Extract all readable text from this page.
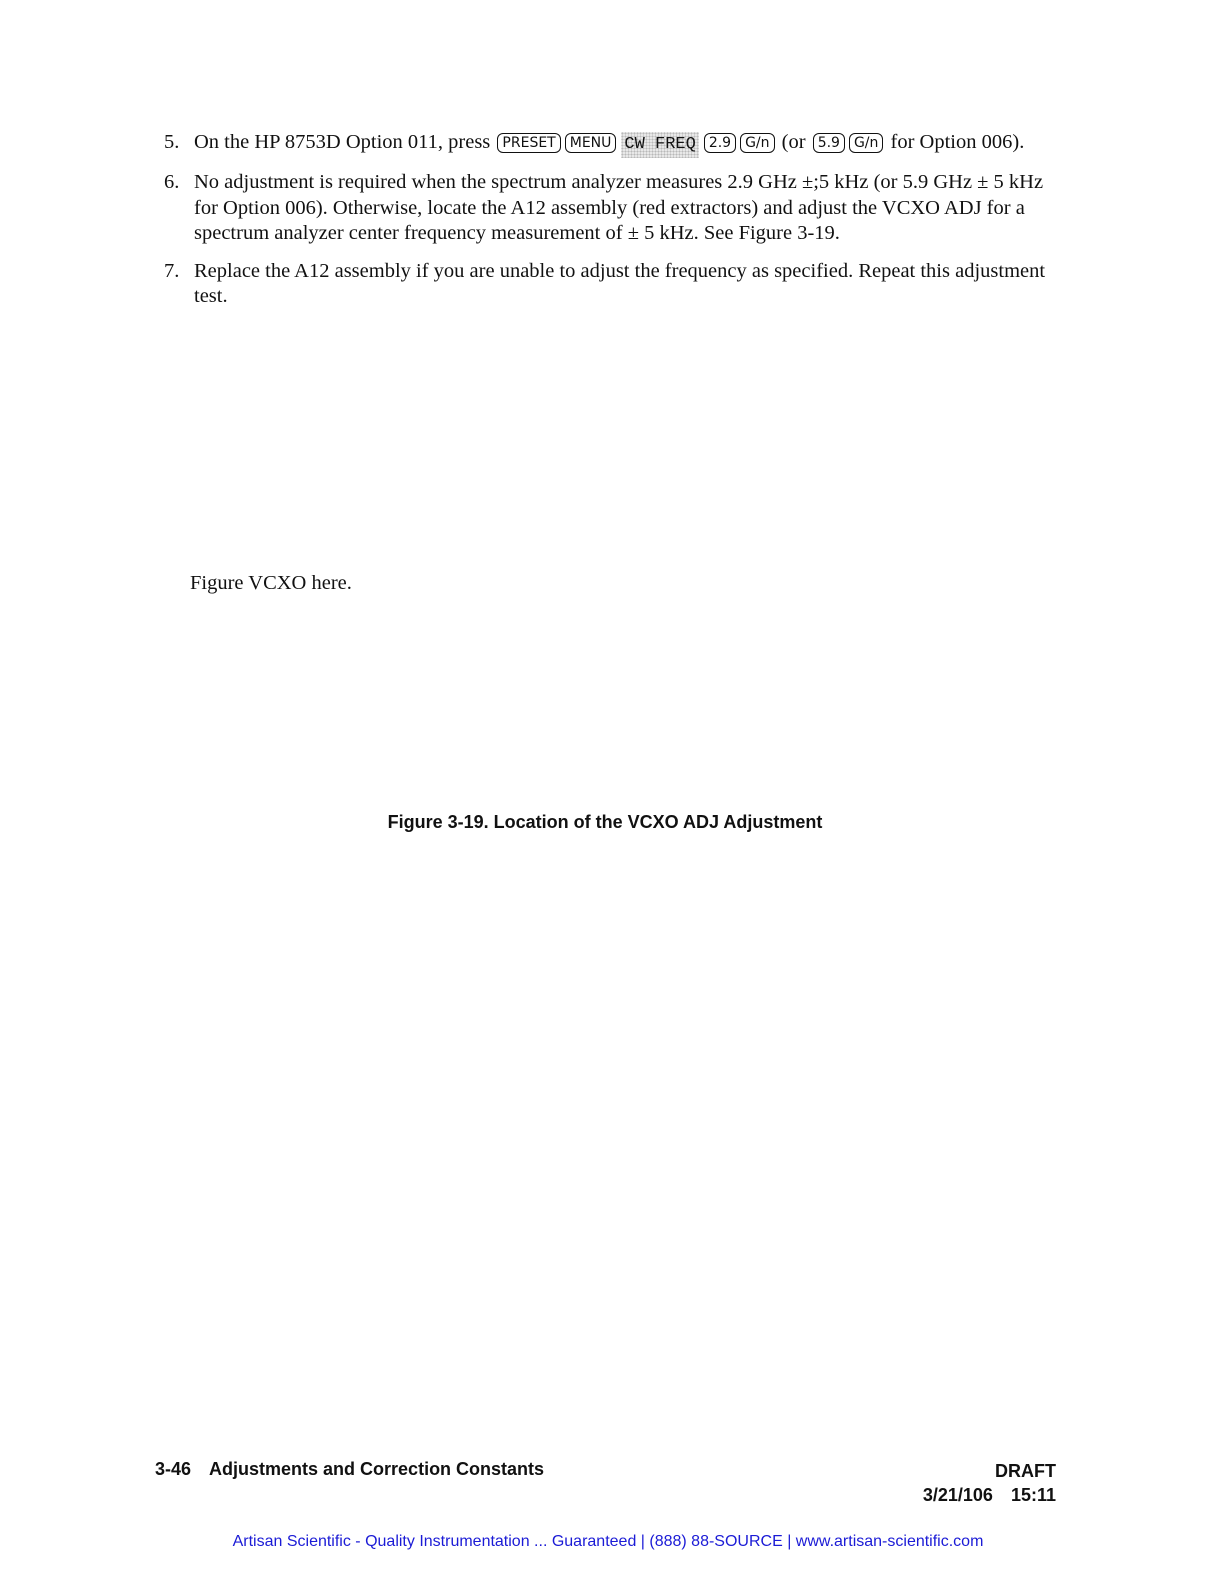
5. On the HP 8753D Option 011, press PRESET MENU CW FREQ 2.9 G/n (or 5.9 G/n for Option 006).
6. No adjustment is required when the spectrum analyzer measures 2.9 GHz ±;5 kHz (or 5.9 GHz ± 5 kHz for Option 006). Otherwise, locate the A12 assembly (red extractors) and adjust the VCXO ADJ for a spectrum analyzer center frequency measurement of ± 5 kHz. See Figure 3-19.
7. Replace the A12 assembly if you are unable to adjust the frequency as specified. Repeat this adjustment test.
Figure VCXO here.
Figure 3-19. Location of the VCXO ADJ Adjustment
3-46 Adjustments and Correction Constants	DRAFT
3/21/106 15:11
Artisan Scientific - Quality Instrumentation ... Guaranteed | (888) 88-SOURCE | www.artisan-scientific.com
